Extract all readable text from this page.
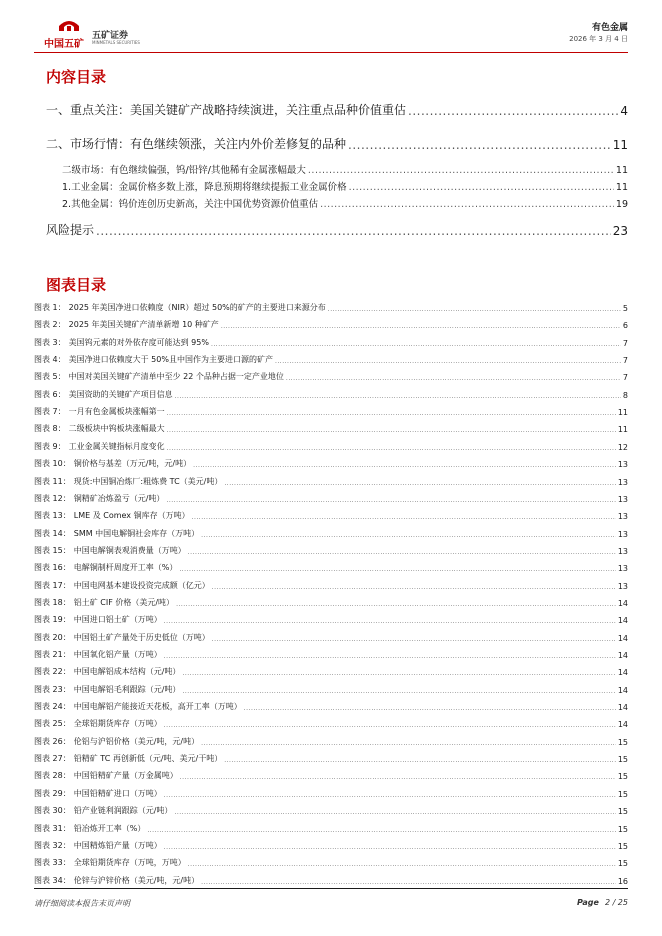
中国五矿
五矿证券
MINMETALS SECURITIES
有色金属
2026 年 3 月 4 日
内容目录
一、重点关注：美国关键矿产战略持续演进，关注重点品种价值重估 .....	4
二、市场行情：有色继续领涨，关注内外价差修复的品种 .....	11
二级市场：有色继续偏强，钨/铅锌/其他稀有金属涨幅最大 .....	11
1.工业金属：金属价格多数上涨，降息预期将继续提振工业金属价格 .....	11
2.其他金属：钨价连创历史新高，关注中国优势资源价值重估 .....	19
风险提示 .....	23
图表目录
图表 1： 2025 年美国净进口依赖度（NIR）超过 50%的矿产的主要进口来源分布 .....	5
图表 2： 2025 年美国关键矿产清单新增 10 种矿产 .....	6
图表 3： 美国钨元素的对外依存度可能达到 95% .....	7
图表 4： 美国净进口依赖度大于 50%且中国作为主要进口源的矿产 .....	7
图表 5： 中国对美国关键矿产清单中至少 22 个品种占据一定产业地位 .....	7
图表 6： 美国资助的关键矿产项目信息 .....	8
图表 7： 一月有色金属板块涨幅第一 .....	11
图表 8： 二级板块中钨板块涨幅最大 .....	11
图表 9： 工业金属关键指标月度变化 .....	12
图表 10： 铜价格与基差（万元/吨，元/吨） .....	13
图表 11： 现货:中国铜冶炼厂:粗炼费 TC（美元/吨） .....	13
图表 12： 铜精矿冶炼盈亏（元/吨） .....	13
图表 13： LME 及 Comex 铜库存（万吨） .....	13
图表 14： SMM 中国电解铜社会库存（万吨） .....	13
图表 15： 中国电解铜表观消费量（万吨） .....	13
图表 16： 电解铜制杆周度开工率（%） .....	13
图表 17： 中国电网基本建设投资完成额（亿元） .....	13
图表 18： 铝土矿 CIF 价格（美元/吨） .....	14
图表 19： 中国进口铝土矿（万吨） .....	14
图表 20： 中国铝土矿产量处于历史低位（万吨） .....	14
图表 21： 中国氧化铝产量（万吨） .....	14
图表 22： 中国电解铝成本结构（元/吨） .....	14
图表 23： 中国电解铝毛利跟踪（元/吨） .....	14
图表 24： 中国电解铝产能接近天花板，高开工率（万吨） .....	14
图表 25： 全球铝期货库存（万吨） .....	14
图表 26： 伦铝与沪铝价格（美元/吨，元/吨） .....	15
图表 27： 铅精矿 TC 再创新低（元/吨、美元/干吨） .....	15
图表 28： 中国铅精矿产量（万金属吨） .....	15
图表 29： 中国铅精矿进口（万吨） .....	15
图表 30： 铅产业链利润跟踪（元/吨） .....	15
图表 31： 铅冶炼开工率（%） .....	15
图表 32： 中国精炼铅产量（万吨） .....	15
图表 33： 全球铅期货库存（万吨，万吨） .....	15
图表 34： 伦锌与沪锌价格（美元/吨，元/吨） .....	16
请仔细阅读本报告末页声明	Page 2 / 25
